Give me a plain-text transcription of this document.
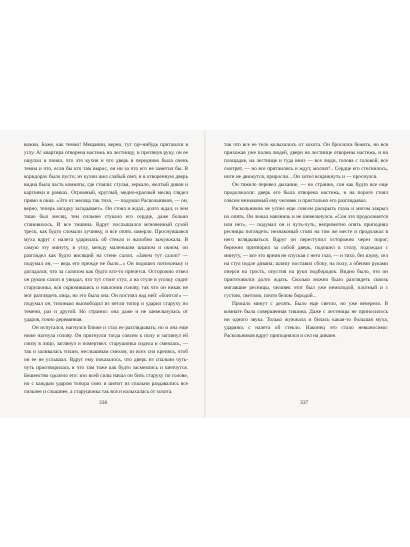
вожки. Боже, как темно! Мещанин, верно, тут где-нибудь притаился в углу. А! квартира отворена настежь на лестницу, и протянув руку, он ее ощупал и понял, что это кухня и что дверь в переднюю была очень темна и что, если бы кто там вырос, он ни за что его не заметил бы. В коридорах было пусто; из кухни шел слабый свет, и в отворенную дверь видна была часть комнаты, где стояли: стулья, зеркало, желтый диван и картинки в рамках. Огромный, круглый, медно-красный месяц глядел прямо в окна. «Это от месяца так тихо, — подумал Раскольников, — он, верно, теперь загадку загадывает». Он стоял и ждал, долго ждал, и чем тише был месяц, тем сильнее стукало его сердце, даже больно становилось. И все тишина. Вдруг послышался мгновенный сухой треск, как будто сломали лучинку, и все опять замерло. Проснувшаяся муха вдруг с налета ударилась об стекло и жалобно зажужжала. В самую эту минуту, в углу, между маленьким шкапом и окном, он разглядел как будто висящий на стене салоп. «Зачем тут салоп? — подумал он, — ведь его прежде не было...» Он подошел потихоньку и догадался, что за салопом как будто кто-то прячется. Осторожно отвел он рукою салоп и увидал, что тут стоит стул, а на стуле в уголку сидит старушонка, вся скрючившись и наклонив голову, так что он никак не мог разглядеть лица, но это была она. Он постоял над ней: «боится!» — подумал он, тихонько высвободил из петли топор и ударил старуху по темени, раз и другой. Но странно: она даже и не шевельнулась от ударов, точно деревянная.

Он испугался, нагнулся ближе и стал ее разглядывать; но и она еще ниже нагнула голову. Он пригнулся тогда совсем к полу и заглянул ей снизу в лицо, заглянул и помертвел: старушонка сидела и смеялась, — так и заливалась тихим, неслышным смехом, из всех сил крепясь, чтоб он ее не услышал. Вдруг ему показалось, что дверь из спальни чуть-чуть приотворилась и что там тоже как будто засмеялись и шепчутся. Бешенство одолело его: изо всей силы начал он бить старуху по голове, но с каждым ударом топора смех и шепот из спальни раздавались все сильнее и слышнее, а старушонка так вся и колыхалась от хохота.

так что все ее тело колыхалось от хохота. Он бросился бежать, но вся прихожая уже полна людей, двери на лестнице отворены настежь, и на площадке, на лестнице и туда вниз — все люди, голова с головой, все смотрят, — но все притаились и ждут, молчат!.. Сердце его стеснилось, ноги не движутся, приросли... Он хотел вскрикнуть и — проснулся.

Он тяжело перевел дыхание, — но странно, сон как будто все еще продолжался: дверь его была отворена настежь, и на пороге стоял совсем незнакомый ему человек и пристально его разглядывал.

Раскольников не успел еще совсем раскрыть глаза и мигом закрыл их опять. Он лежал навзничь и не шевельнулся. «Сон это продолжается или нет», — подумал он и чуть-чуть, неприметно опять приподнял ресницы поглядеть: незнакомый стоял на том же месте и продолжал в него вглядываться. Вдруг он переступил осторожно через порог, бережно притворил за собой дверь, подошел к столу, подождал с минуту, — все это время не спуская с него глаз, — и тихо, без шуму, сел на стул подле дивана; шляпу поставил сбоку, на полу, а обеими руками оперся на трость, опустив на руки подбородок. Видно было, что он приготовился долго ждать. Сколько можно было разглядеть сквозь мигавшие ресницы, человек этот был уже немолодой, плотный и с густою, светлою, почти белою бородой...

Прошло минут с десять. Было еще светло, но уже вечерело. В комнате была совершенная тишина. Даже с лестницы не приносилось ни одного звука. Только жужжала и билась какая-то большая муха, ударяясь с налета об стекло. Наконец это стало невыносимо: Раскольников вдруг приподнялся и сел на диване.

336	337
